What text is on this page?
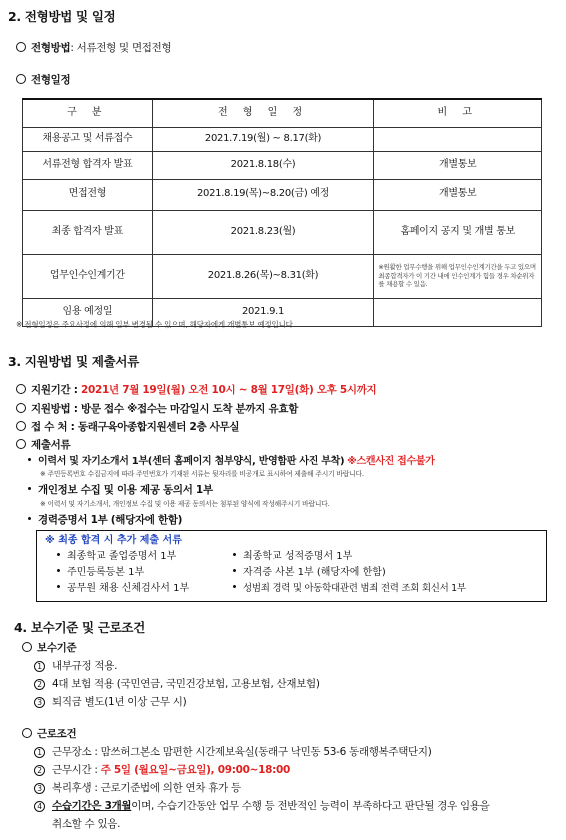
2. 전형방법 및 일정
전형방법: 서류전형 및 면접전형
전형일정
구 분	전 형 일 정	비 고
채용공고 및 서류접수	2021.7.19(월) ~ 8.17(화)	
서류전형 합격자 발표	2021.8.18(수)	개별통보
면접전형	2021.8.19(목)~8.20(금) 예정	개별통보
최종 합격자 발표	2021.8.23(월)	홈페이지 공지 및 개별 통보
업무인수인계기간	2021.8.26(목)~8.31(화)	※원활한 업무수행을 위해 업무인수인계기간을 두고 있으며 최종합격자가 이 기간 내에 인수인계가 힘들 경우 차순위자를 채용할 수 있음.
임용 예정일	2021.9.1	
※ 전형일정은 주요사정에 의해 일부 변경될 수 있으며, 해당자에게 개별통보 예정입니다.
3. 지원방법 및 제출서류
지원기간 : 2021년 7월 19일(월) 오전 10시 ~ 8월 17일(화) 오후 5시까지
지원방법 : 방문 접수 ※접수는 마감일시 도착 분까지 유효함
접 수 처 : 동래구육아종합지원센터 2층 사무실
제출서류
이력서 및 자기소개서 1부(센터 홈페이지 첨부양식, 반영함판 사진 부착) ※스캔사진 접수불가
※ 주민등록번호 수집금지에 따라 주민번호가 기재된 서류는 뒷자리를 비공개로 표시하여 제출해 주시기 바랍니다.
개인정보 수집 및 이용 제공 동의서 1부
※ 이력서 및 자기소개서, 개인정보 수집 및 이용 제공 동의서는 첨부된 양식에 작성해주시기 바랍니다.
경력증명서 1부 (해당자에 한함)
※ 최종 합격 시 추가 제출 서류
최종학교 졸업증명서 1부	최종학교 성적증명서 1부
주민등록등본 1부	자격증 사본 1부 (해당자에 한함)
공무원 채용 신체검사서 1부	성범죄 경력 및 아동학대관련 범죄 전력 조회 회신서 1부
4. 보수기준 및 근로조건
보수기준
1 내부규정 적용.
2 4대 보험 적용 (국민연금, 국민건강보험, 고용보험, 산재보험)
3 퇴직금 별도(1년 이상 근무 시)
근로조건
1 근무장소 : 맘쓰허그본소 맘편한 시간제보육실(동래구 낙민동 53-6 동래행복주택단지)
2 근무시간 : 주 5일 (월요일~금요일), 09:00~18:00
3 복리후생 : 근로기준법에 의한 연차 휴가 등
4 수습기간은 3개월이며, 수습기간동안 업무 수행 등 전반적인 능력이 부족하다고 판단될 경우 임용을
취소할 수 있음.
